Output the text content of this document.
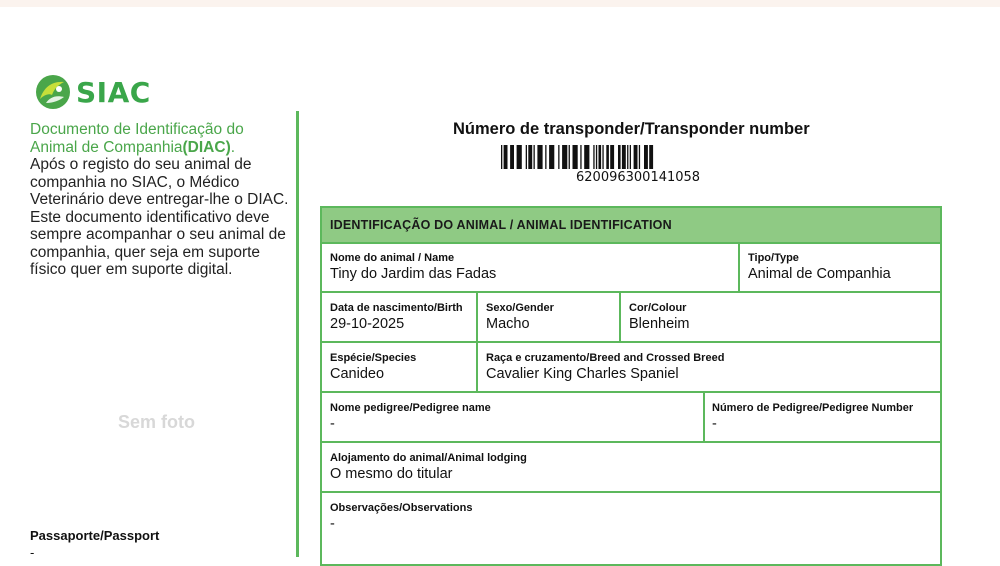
SIAC
Documento de Identificação do Animal de Companhia(DIAC).
Após o registo do seu animal de companhia no SIAC, o Médico Veterinário deve entregar-lhe o DIAC. Este documento identificativo deve sempre acompanhar o seu animal de companhia, quer seja em suporte físico quer em suporte digital.
Sem foto
Passaporte/Passport
-
Número de transponder/Transponder number
620096300141058
IDENTIFICAÇÃO DO ANIMAL / ANIMAL IDENTIFICATION
Nome do animal / Name
Tiny do Jardim das Fadas
Tipo/Type
Animal de Companhia
Data de nascimento/Birth
29-10-2025
Sexo/Gender
Macho
Cor/Colour
Blenheim
Espécie/Species
Canideo
Raça e cruzamento/Breed and Crossed Breed
Cavalier King Charles Spaniel
Nome pedigree/Pedigree name
-
Número de Pedigree/Pedigree Number
-
Alojamento do animal/Animal lodging
O mesmo do titular
Observações/Observations
-
